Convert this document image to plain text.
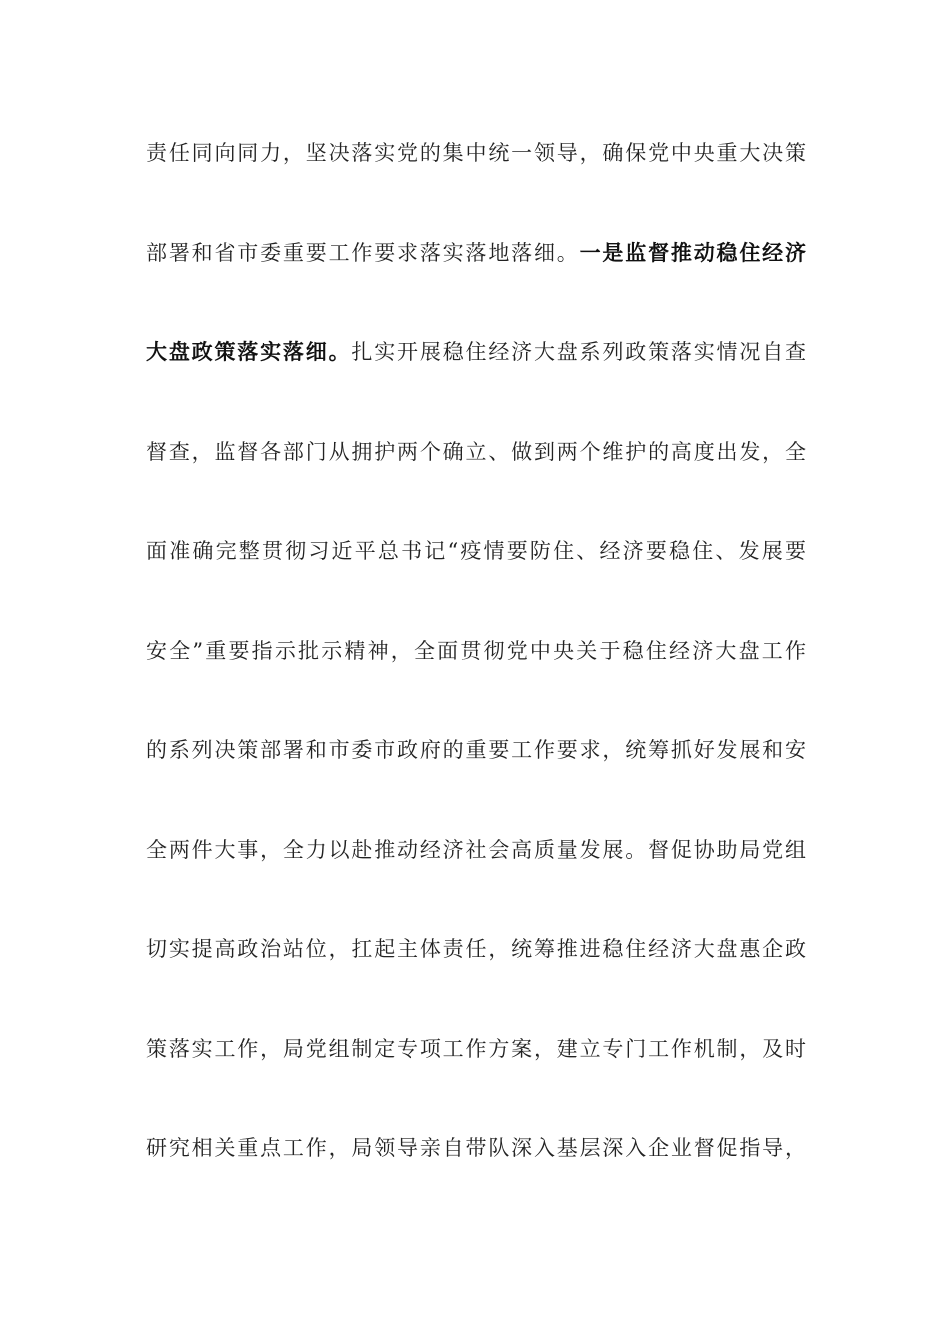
责任同向同力，坚决落实党的集中统一领导，确保党中央重大决策
部署和省市委重要工作要求落实落地落细。一是监督推动稳住经济
大盘政策落实落细。扎实开展稳住经济大盘系列政策落实情况自查
督查，监督各部门从拥护两个确立、做到两个维护的高度出发，全
面准确完整贯彻习近平总书记“疫情要防住、经济要稳住、发展要
安全”重要指示批示精神，全面贯彻党中央关于稳住经济大盘工作
的系列决策部署和市委市政府的重要工作要求，统筹抓好发展和安
全两件大事，全力以赴推动经济社会高质量发展。督促协助局党组
切实提高政治站位，扛起主体责任，统筹推进稳住经济大盘惠企政
策落实工作，局党组制定专项工作方案，建立专门工作机制，及时
研究相关重点工作，局领导亲自带队深入基层深入企业督促指导，
